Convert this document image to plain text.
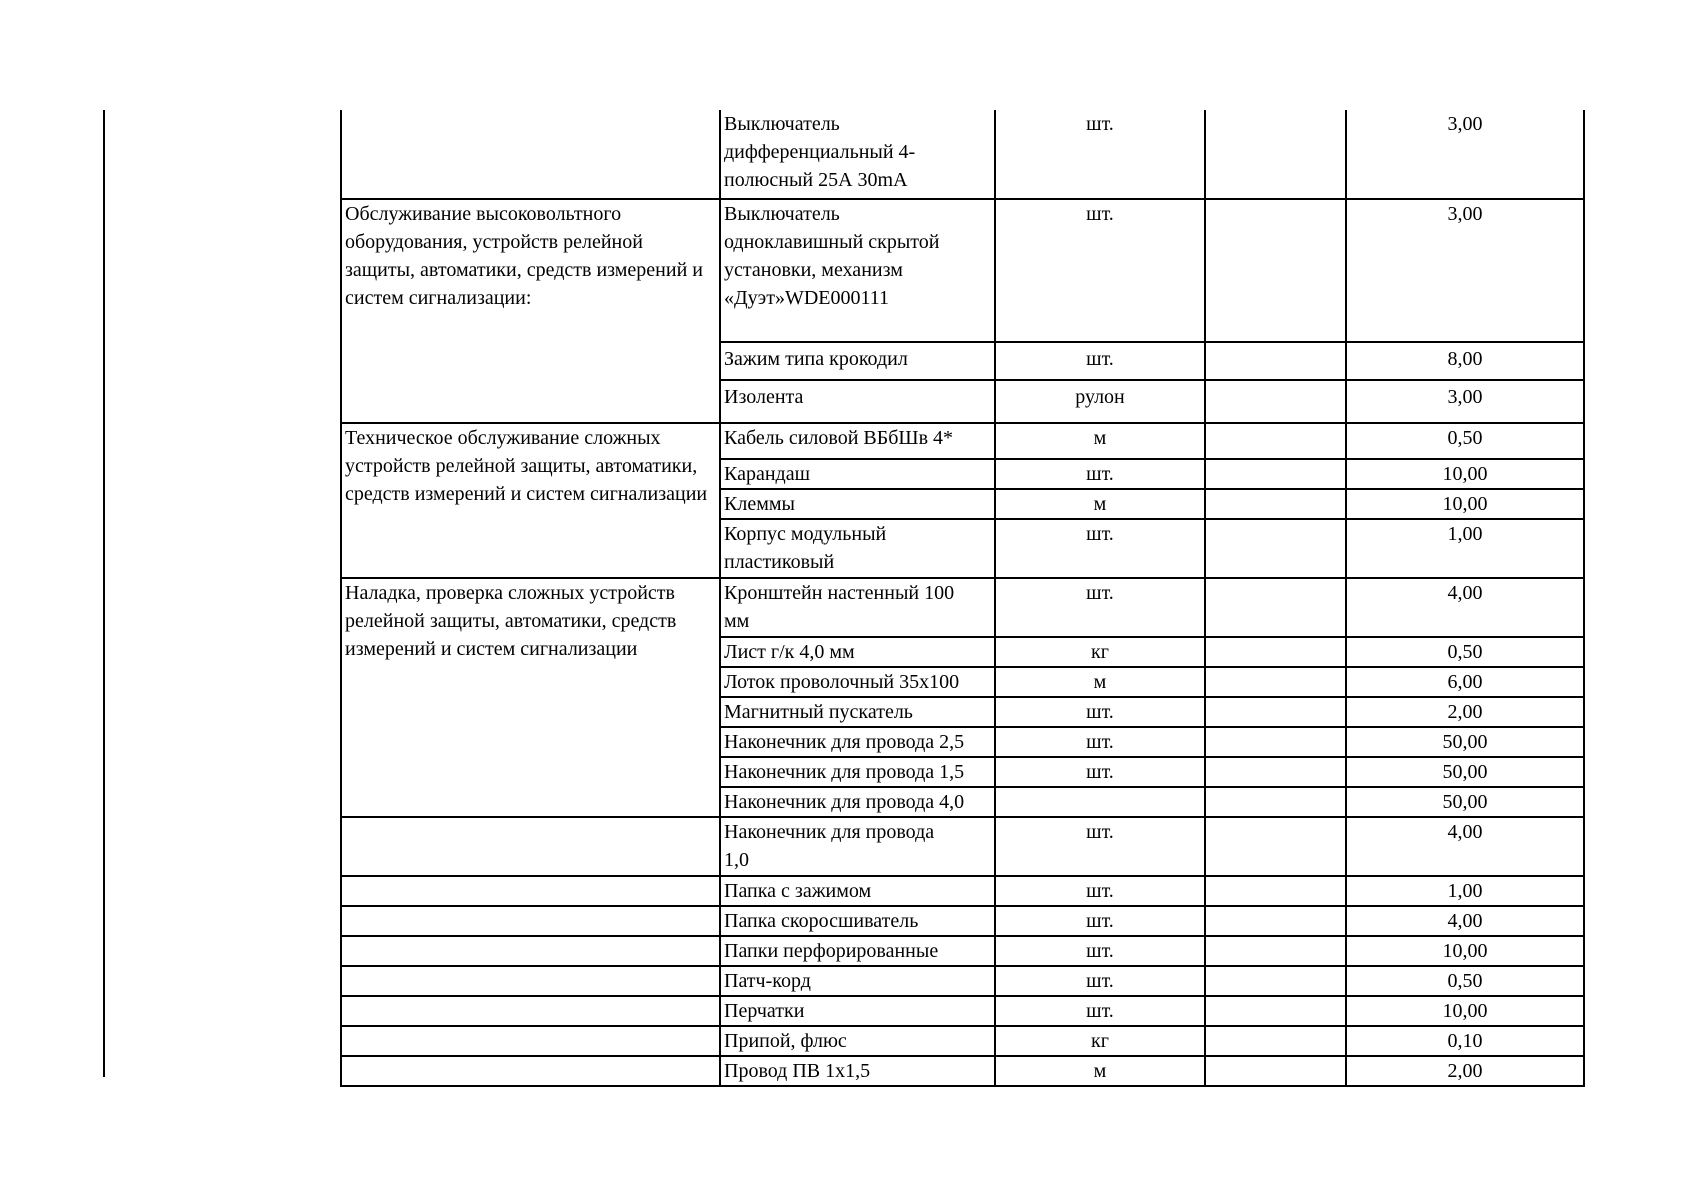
	Выключатель
дифференциальный 4-
полюсный 25А 30mA	шт.		3,00
Обслуживание высоковольтного оборудования, устройств релейной защиты, автоматики, средств измерений и систем сигнализации:	Выключатель
одноклавишный скрытой
установки, механизм
«Дуэт»WDE000111	шт.		3,00
	Зажим типа крокодил	шт.		8,00
	Изолента	рулон		3,00
Техническое обслуживание сложных устройств релейной защиты, автоматики, средств измерений и систем сигнализации	Кабель силовой ВБбШв 4*	м		0,50
	Карандаш	шт.		10,00
	Клеммы	м		10,00
	Корпус модульный
пластиковый	шт.		1,00
Наладка, проверка сложных устройств релейной защиты, автоматики, средств измерений и систем сигнализации	Кронштейн настенный 100
мм	шт.		4,00
	Лист г/к 4,0 мм	кг		0,50
	Лоток проволочный 35х100	м		6,00
	Магнитный пускатель	шт.		2,00
	Наконечник для провода 2,5	шт.		50,00
	Наконечник для провода 1,5	шт.		50,00
	Наконечник для провода 4,0			50,00
	Наконечник для провода
1,0	шт.		4,00
	Папка с зажимом	шт.		1,00
	Папка скоросшиватель	шт.		4,00
	Папки перфорированные	шт.		10,00
	Патч-корд	шт.		0,50
	Перчатки	шт.		10,00
	Припой, флюс	кг		0,10
	Провод ПВ 1х1,5	м		2,00
